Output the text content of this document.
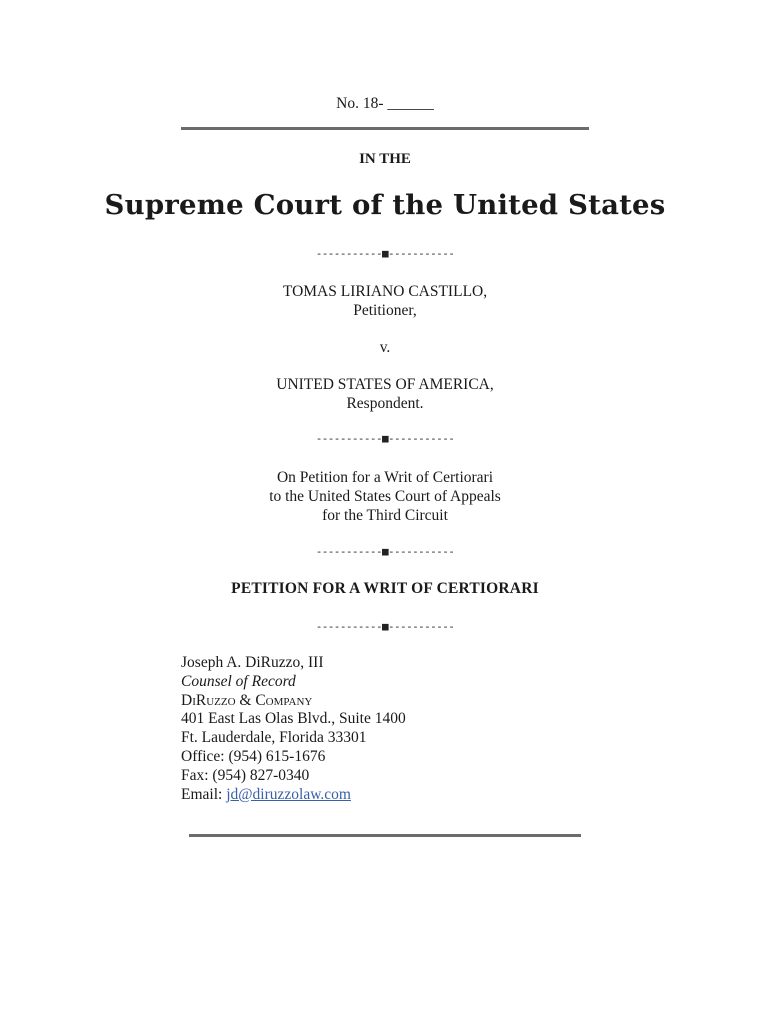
No. 18- ______
IN THE
Supreme Court of the United States
-----------■-----------
TOMAS LIRIANO CASTILLO,
Petitioner,
v.
UNITED STATES OF AMERICA,
Respondent.
-----------■-----------
On Petition for a Writ of Certiorari
to the United States Court of Appeals
for the Third Circuit
-----------■-----------
PETITION FOR A WRIT OF CERTIORARI
-----------■-----------
Joseph A. DiRuzzo, III
Counsel of Record
DiRuzzo & Company
401 East Las Olas Blvd., Suite 1400
Ft. Lauderdale, Florida 33301
Office: (954) 615-1676
Fax: (954) 827-0340
Email: jd@diruzzolaw.com
